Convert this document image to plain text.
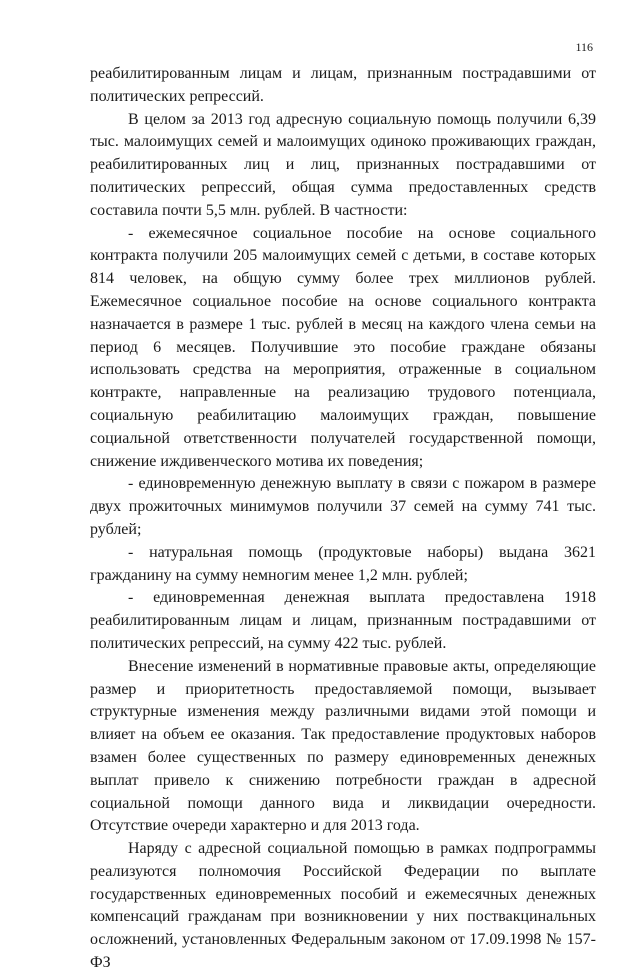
116

реабилитированным лицам и лицам, признанным пострадавшими от политических репрессий.

В целом за 2013 год адресную социальную помощь получили 6,39 тыс. малоимущих семей и малоимущих одиноко проживающих граждан, реабилитированных лиц и лиц, признанных пострадавшими от политических репрессий, общая сумма предоставленных средств составила почти 5,5 млн. рублей. В частности:

- ежемесячное социальное пособие на основе социального контракта получили 205 малоимущих семей с детьми, в составе которых 814 человек, на общую сумму более трех миллионов рублей. Ежемесячное социальное пособие на основе социального контракта назначается в размере 1 тыс. рублей в месяц на каждого члена семьи на период 6 месяцев. Получившие это пособие граждане обязаны использовать средства на мероприятия, отраженные в социальном контракте, направленные на реализацию трудового потенциала, социальную реабилитацию малоимущих граждан, повышение социальной ответственности получателей государственной помощи, снижение иждивенческого мотива их поведения;

- единовременную денежную выплату в связи с пожаром в размере двух прожиточных минимумов получили 37 семей на сумму 741 тыс. рублей;

- натуральная помощь (продуктовые наборы) выдана 3621 гражданину на сумму немногим менее 1,2 млн. рублей;

- единовременная денежная выплата предоставлена 1918 реабилитированным лицам и лицам, признанным пострадавшими от политических репрессий, на сумму 422 тыс. рублей.

Внесение изменений в нормативные правовые акты, определяющие размер и приоритетность предоставляемой помощи, вызывает структурные изменения между различными видами этой помощи и влияет на объем ее оказания. Так предоставление продуктовых наборов взамен более существенных по размеру единовременных денежных выплат привело к снижению потребности граждан в адресной социальной помощи данного вида и ликвидации очередности. Отсутствие очереди характерно и для 2013 года.

Наряду с адресной социальной помощью в рамках подпрограммы реализуются полномочия Российской Федерации по выплате государственных единовременных пособий и ежемесячных денежных компенсаций гражданам при возникновении у них поствакцинальных осложнений, установленных Федеральным законом от 17.09.1998 № 157-ФЗ
